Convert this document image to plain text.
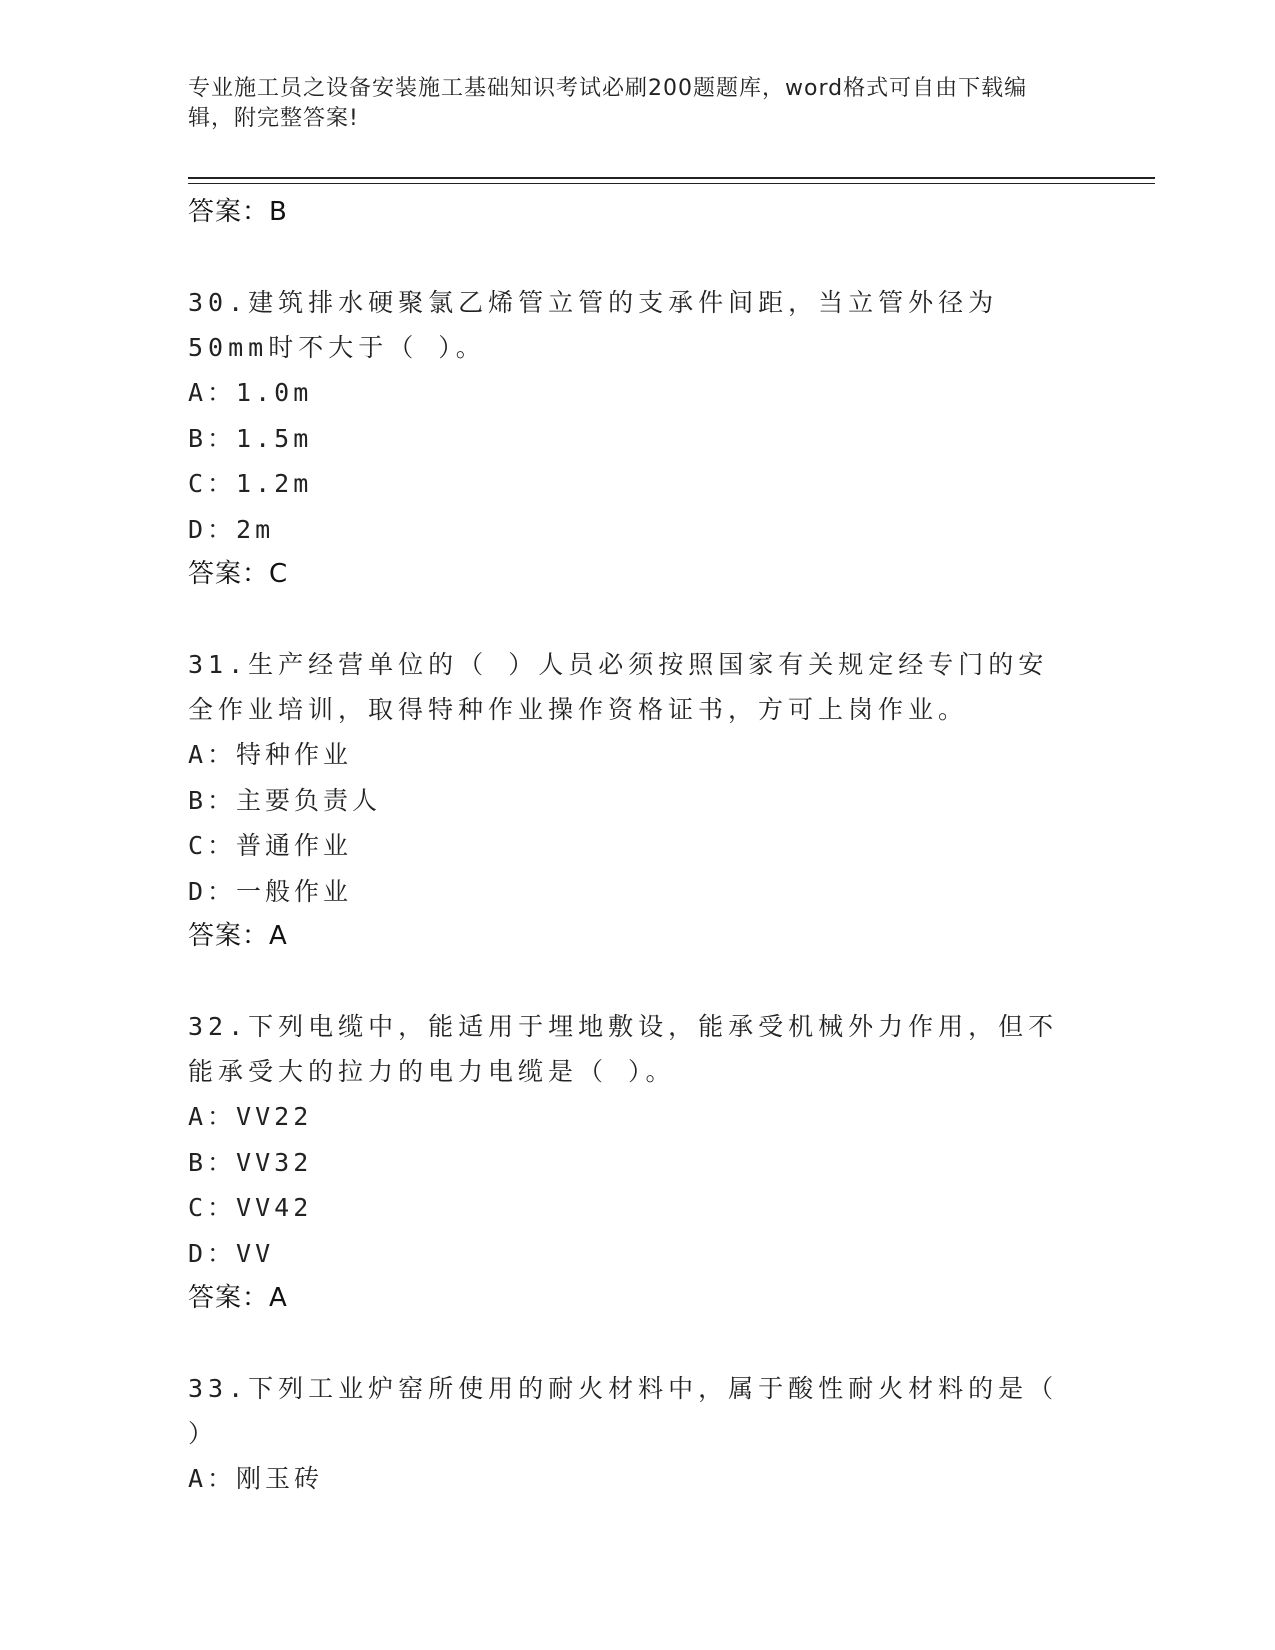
专业施工员之设备安装施工基础知识考试必刷200题题库，word格式可自由下载编辑，附完整答案!

答案：B

30.建筑排水硬聚氯乙烯管立管的支承件间距，当立管外径为50mm时不大于（ ）。

A：1.0m

B：1.5m

C：1.2m

D：2m

答案：C

31.生产经营单位的（ ）人员必须按照国家有关规定经专门的安全作业培训，取得特种作业操作资格证书，方可上岗作业。

A：特种作业

B：主要负责人

C：普通作业

D：一般作业

答案：A

32.下列电缆中，能适用于埋地敷设，能承受机械外力作用，但不能承受大的拉力的电力电缆是（ ）。

A：VV22

B：VV32

C：VV42

D：VV

答案：A

33.下列工业炉窑所使用的耐火材料中，属于酸性耐火材料的是（ ）

A：刚玉砖
